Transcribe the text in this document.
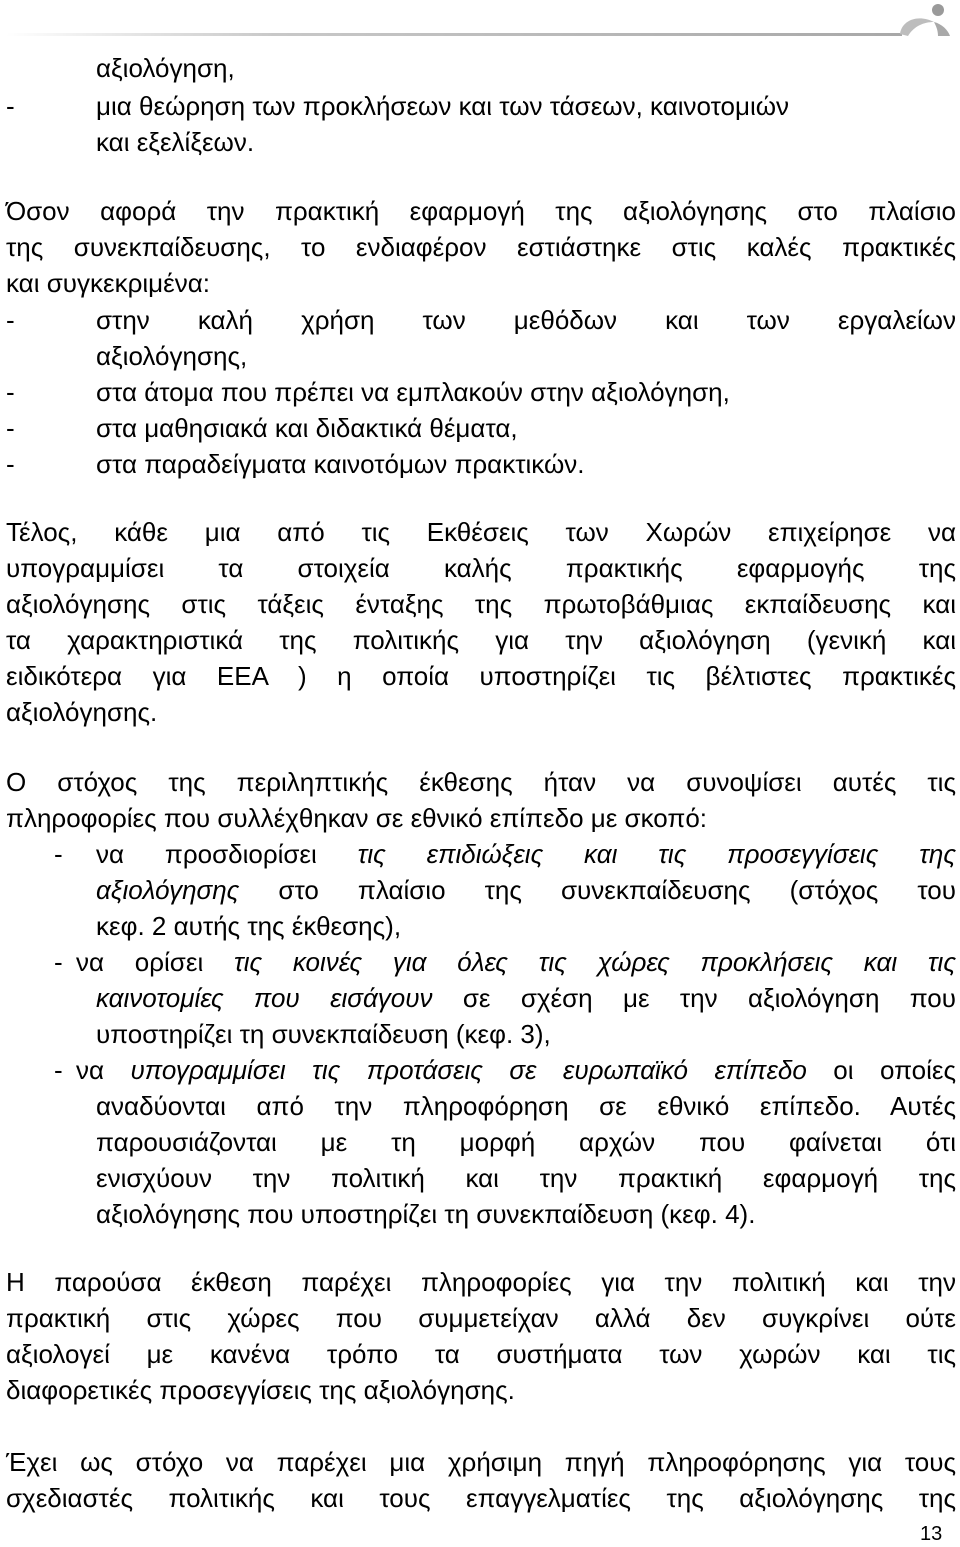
αξιολόγηση,
-	μια θεώρηση των προκλήσεων και των τάσεων, καινοτομιών
και εξελίξεων.
Όσον αφορά την πρακτική εφαρμογή της αξιολόγησης στο πλαίσιο
της συνεκπαίδευσης, το ενδιαφέρον εστιάστηκε στις καλές πρακτικές
και συγκεκριμένα:
-	στην καλή χρήση των μεθόδων και των εργαλείων
αξιολόγησης,
-	στα άτομα που πρέπει να εμπλακούν στην αξιολόγηση,
-	στα μαθησιακά και διδακτικά θέματα,
-	στα παραδείγματα καινοτόμων πρακτικών.
Τέλος, κάθε μια από τις Εκθέσεις των Χωρών επιχείρησε να
υπογραμμίσει τα στοιχεία καλής πρακτικής εφαρμογής της
αξιολόγησης στις τάξεις ένταξης της πρωτοβάθμιας εκπαίδευσης και
τα χαρακτηριστικά της πολιτικής για την αξιολόγηση (γενική και
ειδικότερα για ΕΕΑ ) η οποία υποστηρίζει τις βέλτιστες πρακτικές
αξιολόγησης.
Ο στόχος της περιληπτικής έκθεσης ήταν να συνοψίσει αυτές τις
πληροφορίες που συλλέχθηκαν σε εθνικό επίπεδο με σκοπό:
-	να προσδιορίσει τις επιδιώξεις και τις προσεγγίσεις της
αξιολόγησης στο πλαίσιο της συνεκπαίδευσης (στόχος του
κεφ. 2 αυτής της έκθεσης),
- να ορίσει τις κοινές για όλες τις χώρες προκλήσεις και τις
καινοτομίες που εισάγουν σε σχέση με την αξιολόγηση που
υποστηρίζει τη συνεκπαίδευση (κεφ. 3),
- να υπογραμμίσει τις προτάσεις σε ευρωπαϊκό επίπεδο οι οποίες
αναδύονται από την πληροφόρηση σε εθνικό επίπεδο. Αυτές
παρουσιάζονται με τη μορφή αρχών που φαίνεται ότι
ενισχύουν την πολιτική και την πρακτική εφαρμογή της
αξιολόγησης που υποστηρίζει τη συνεκπαίδευση (κεφ. 4).
Η παρούσα έκθεση παρέχει πληροφορίες για την πολιτική και την
πρακτική στις χώρες που συμμετείχαν αλλά δεν συγκρίνει ούτε
αξιολογεί με κανένα τρόπο τα συστήματα των χωρών και τις
διαφορετικές προσεγγίσεις της αξιολόγησης.
Έχει ως στόχο να παρέχει μια χρήσιμη πηγή πληροφόρησης για τους
σχεδιαστές πολιτικής και τους επαγγελματίες της αξιολόγησης της
13
